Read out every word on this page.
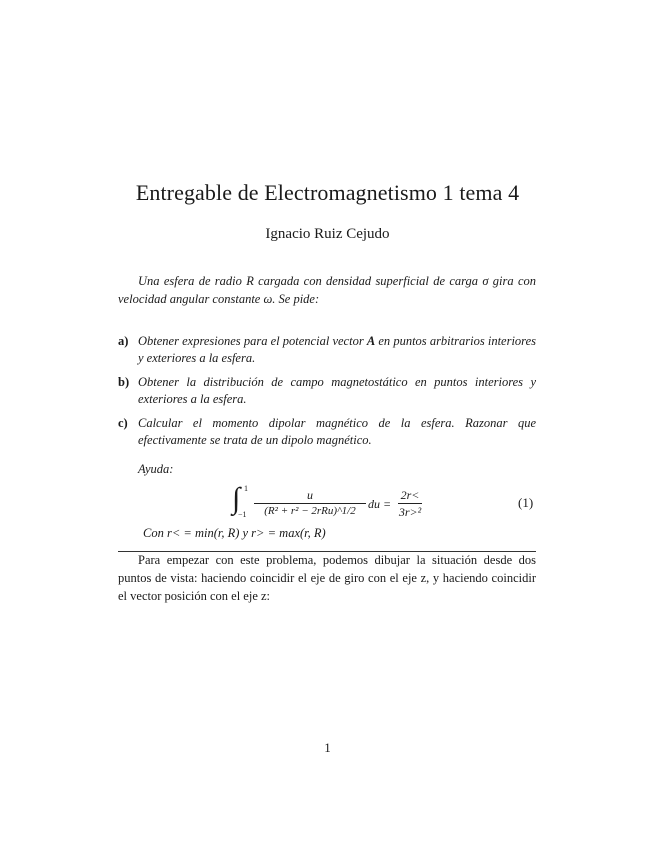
Entregable de Electromagnetismo 1 tema 4
Ignacio Ruiz Cejudo
Una esfera de radio R cargada con densidad superficial de carga σ gira con velocidad angular constante ω. Se pide:
a) Obtener expresiones para el potencial vector A en puntos arbitrarios interiores y exteriores a la esfera.
b) Obtener la distribución de campo magnetostático en puntos interiores y exteriores a la esfera.
c) Calcular el momento dipolar magnético de la esfera. Razonar que efectivamente se trata de un dipolo magnético.
Ayuda:
∫ 1
−1
u
(R² + r² − 2rRu)^1/2	du = $\frac{2r<}{\text{3r>²}}$	(1)
Con r< = min(r, R) y r> = max(r, R)
Para empezar con este problema, podemos dibujar la situación desde dos puntos de vista: haciendo coincidir el eje de giro con el eje z, y haciendo coincidir el vector posición con el eje z:
1
